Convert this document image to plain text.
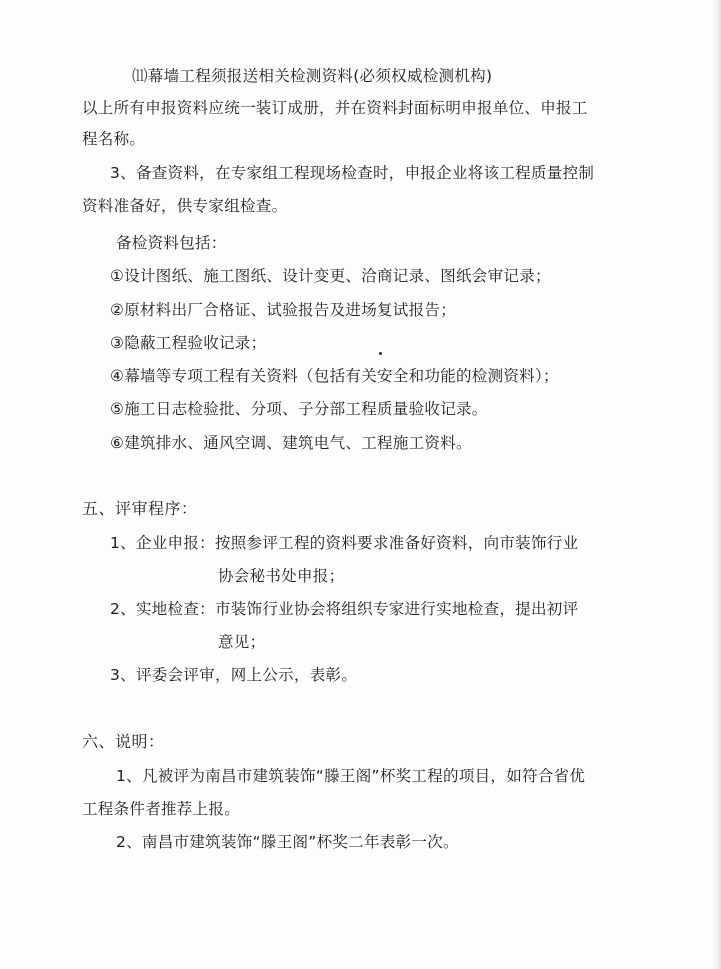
⑾幕墙工程须报送相关检测资料(必须权威检测机构)
以上所有申报资料应统一装订成册，并在资料封面标明申报单位、申报工
程名称。
3、备查资料，在专家组工程现场检查时，申报企业将该工程质量控制
资料准备好，供专家组检查。
备检资料包括：
①设计图纸、施工图纸、设计变更、洽商记录、图纸会审记录；
②原材料出厂合格证、试验报告及进场复试报告；
③隐蔽工程验收记录；
④幕墙等专项工程有关资料（包括有关安全和功能的检测资料）；
⑤施工日志检验批、分项、子分部工程质量验收记录。
⑥建筑排水、通风空调、建筑电气、工程施工资料。
五、评审程序：
1、企业申报：按照参评工程的资料要求准备好资料，向市装饰行业
协会秘书处申报；
2、实地检查：市装饰行业协会将组织专家进行实地检查，提出初评
意见；
3、评委会评审，网上公示，表彰。
六、说明：
1、凡被评为南昌市建筑装饰“滕王阁”杯奖工程的项目，如符合省优
工程条件者推荐上报。
2、南昌市建筑装饰“滕王阁”杯奖二年表彰一次。
